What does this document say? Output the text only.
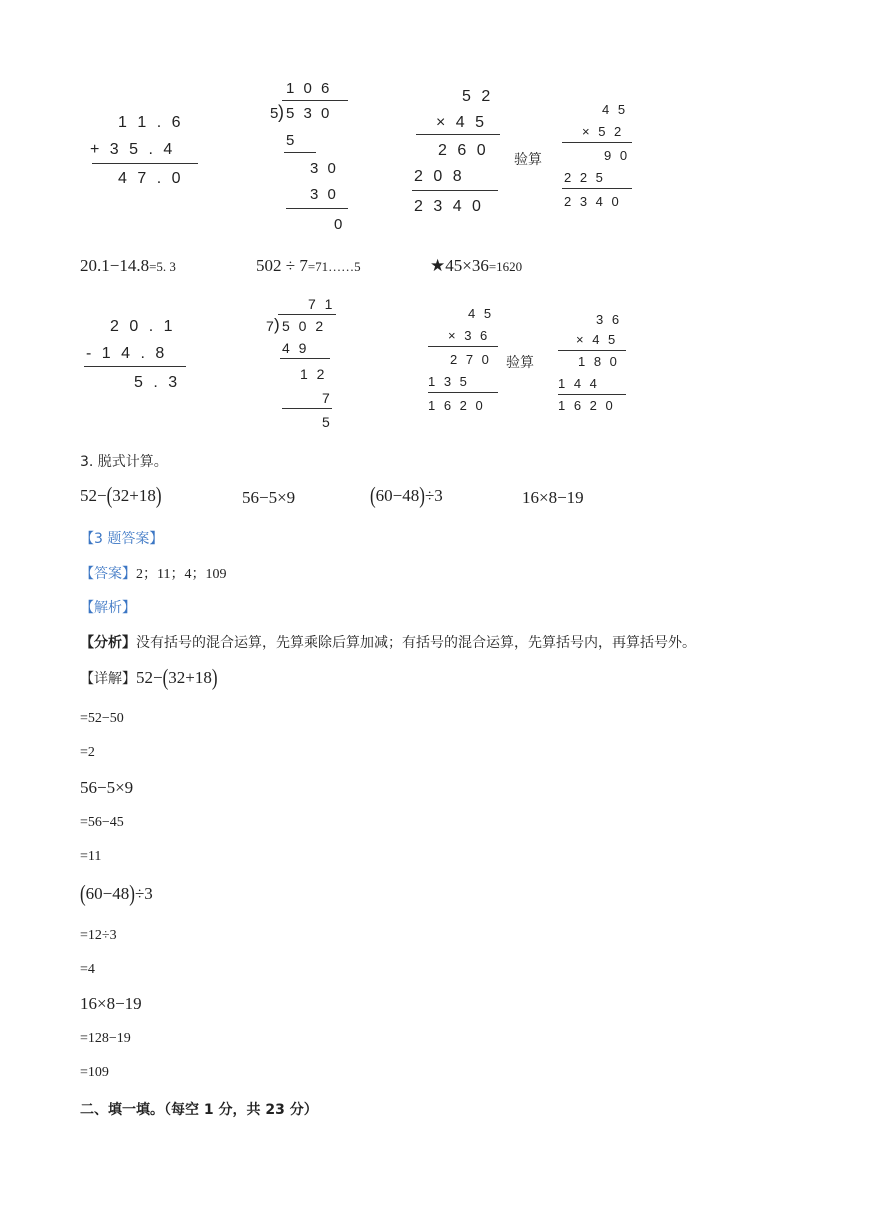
1 1 . 6
+ 3 5 . 4
4 7 . 0
1 0 6
5 ) 5 3 0
5
3 0
3 0
0
5 2
× 4 5
2 6 0
2 0 8
2 3 4 0
验算
4 5
× 5 2
9 0
2 2 5
2 3 4 0
20.1−14.8=5. 3	502 ÷ 7=71……5	★45×36=1620
2 0 . 1
- 1 4 . 8
5 . 3
7 1
7 ) 5 0 2
4 9
1 2
7
5
4 5
× 3 6
2 7 0
1 3 5
1 6 2 0
验算
3 6
× 4 5
1 8 0
1 4 4
1 6 2 0
3. 脱式计算。
52−(32+18)	56−5×9	(60−48)÷3	16×8−19
【3 题答案】
【答案】2；11；4；109
【解析】
【分析】没有括号的混合运算，先算乘除后算加减；有括号的混合运算，先算括号内，再算括号外。
【详解】52−(32+18)
=52−50
=2
56−5×9
=56−45
=11
(60−48)÷3
=12÷3
=4
16×8−19
=128−19
=109
二、填一填。（每空 1 分，共 23 分）
